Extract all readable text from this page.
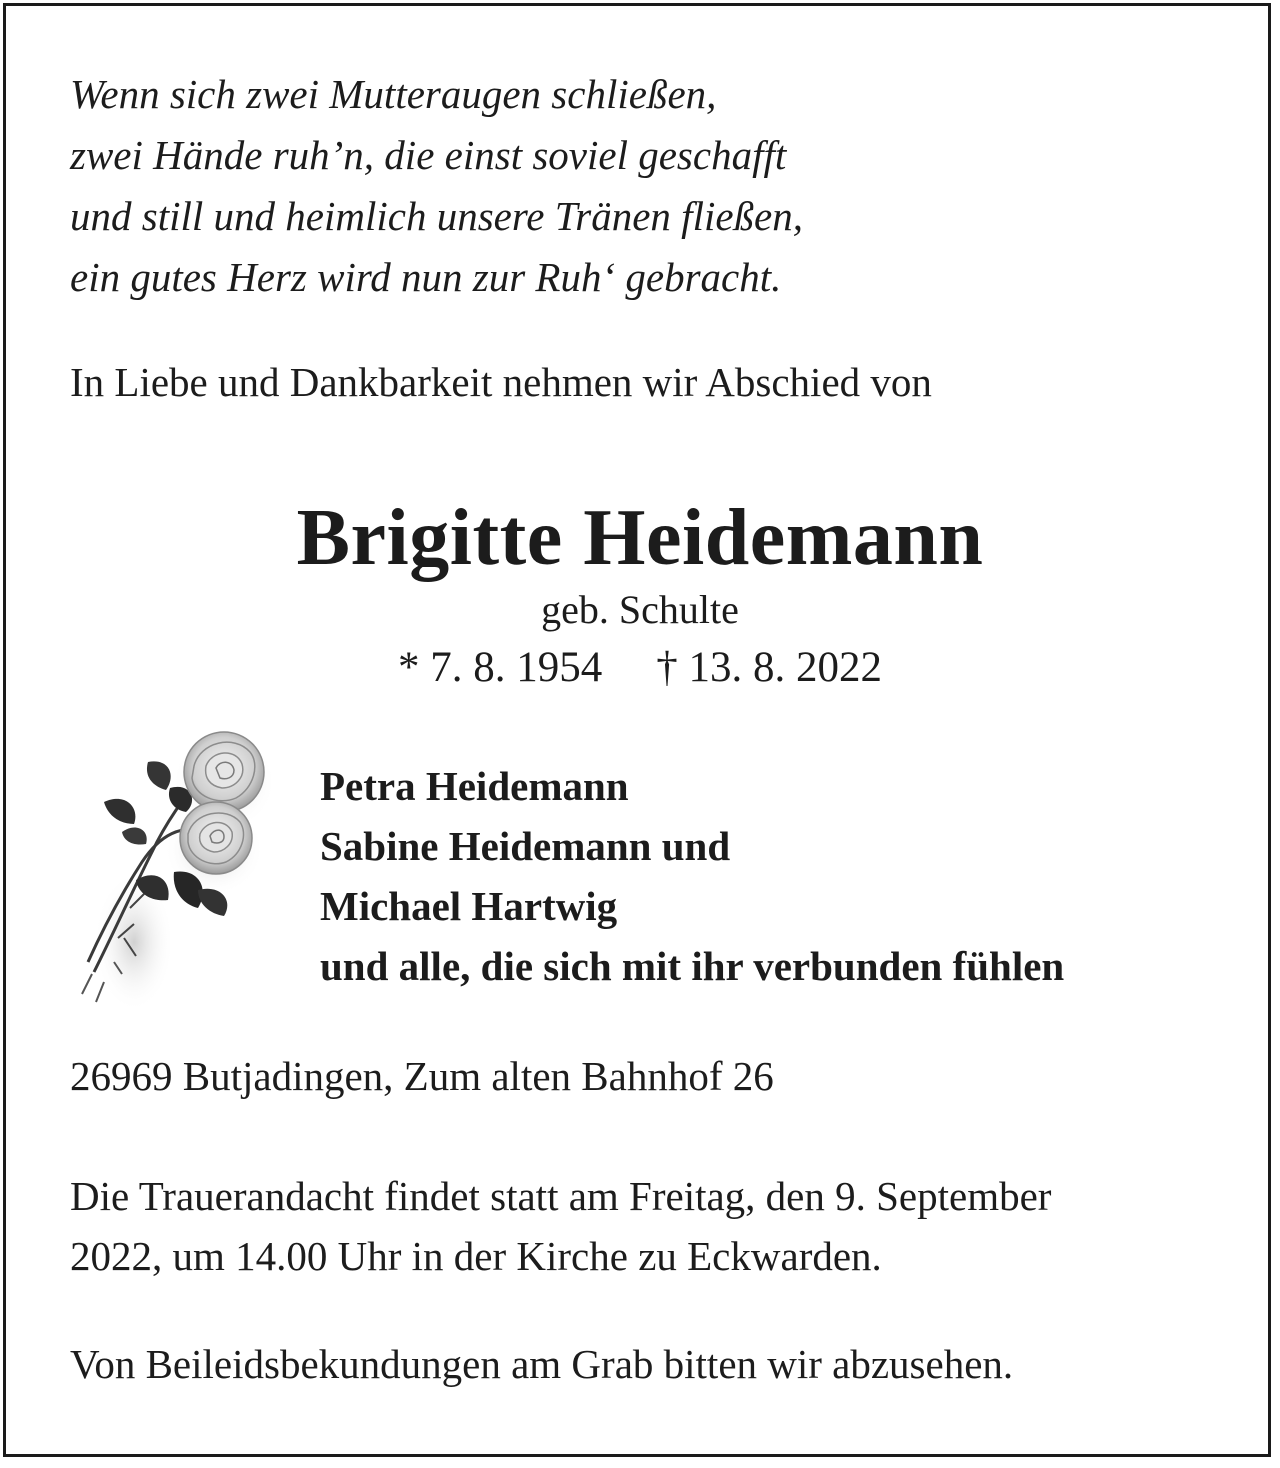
Wenn sich zwei Mutteraugen schließen,
zwei Hände ruh’n, die einst soviel geschafft
und still und heimlich unsere Tränen fließen,
ein gutes Herz wird nun zur Ruh‘ gebracht.
In Liebe und Dankbarkeit nehmen wir Abschied von
Brigitte Heidemann
geb. Schulte
* 7. 8. 1954 † 13. 8. 2022
Petra Heidemann
Sabine Heidemann und
Michael Hartwig
und alle, die sich mit ihr verbunden fühlen
26969 Butjadingen, Zum alten Bahnhof 26
Die Trauerandacht findet statt am Freitag, den 9. September
2022, um 14.00 Uhr in der Kirche zu Eckwarden.
Von Beileidsbekundungen am Grab bitten wir abzusehen.
